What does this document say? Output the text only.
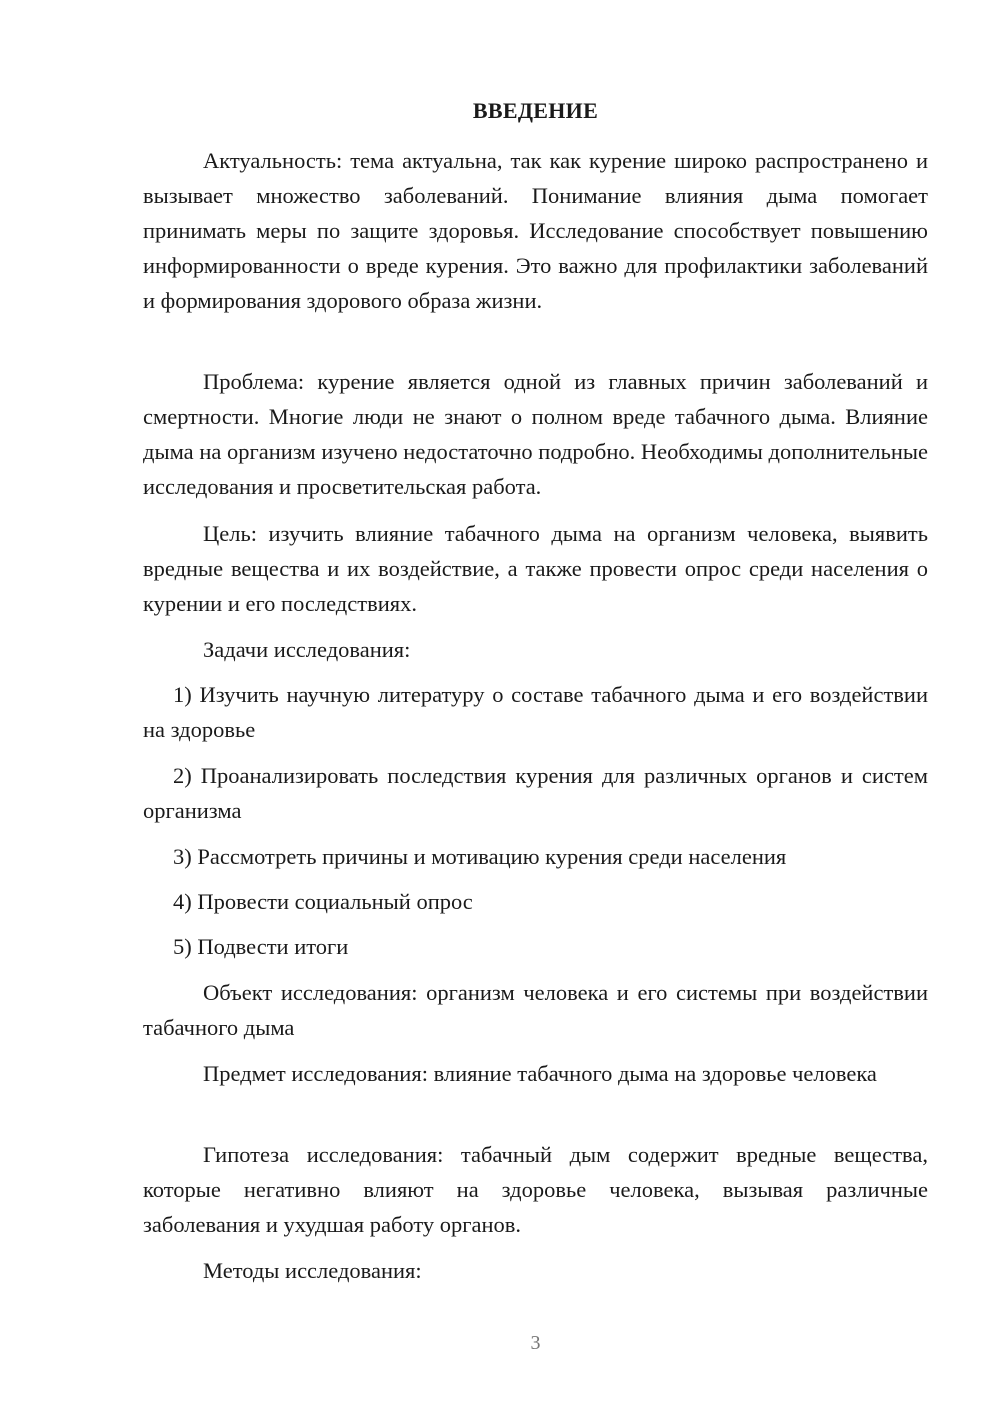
ВВЕДЕНИЕ

Актуальность: тема актуальна, так как курение широко распространено и вызывает множество заболеваний. Понимание влияния дыма помогает принимать меры по защите здоровья. Исследование способствует повышению информированности о вреде курения. Это важно для профилактики заболеваний и формирования здорового образа жизни.

Проблема: курение является одной из главных причин заболеваний и смертности. Многие люди не знают о полном вреде табачного дыма. Влияние дыма на организм изучено недостаточно подробно. Необходимы дополнительные исследования и просветительская работа.

Цель: изучить влияние табачного дыма на организм человека, выявить вредные вещества и их воздействие, а также провести опрос среди населения о курении и его последствиях.

Задачи исследования:

1) Изучить научную литературу о составе табачного дыма и его воздействии на здоровье

2) Проанализировать последствия курения для различных органов и систем организма

3) Рассмотреть причины и мотивацию курения среди населения

4) Провести социальный опрос

5) Подвести итоги

Объект исследования: организм человека и его системы при воздействии табачного дыма

Предмет исследования: влияние табачного дыма на здоровье человека

Гипотеза исследования: табачный дым содержит вредные вещества, которые негативно влияют на здоровье человека, вызывая различные заболевания и ухудшая работу органов.

Методы исследования:

3
